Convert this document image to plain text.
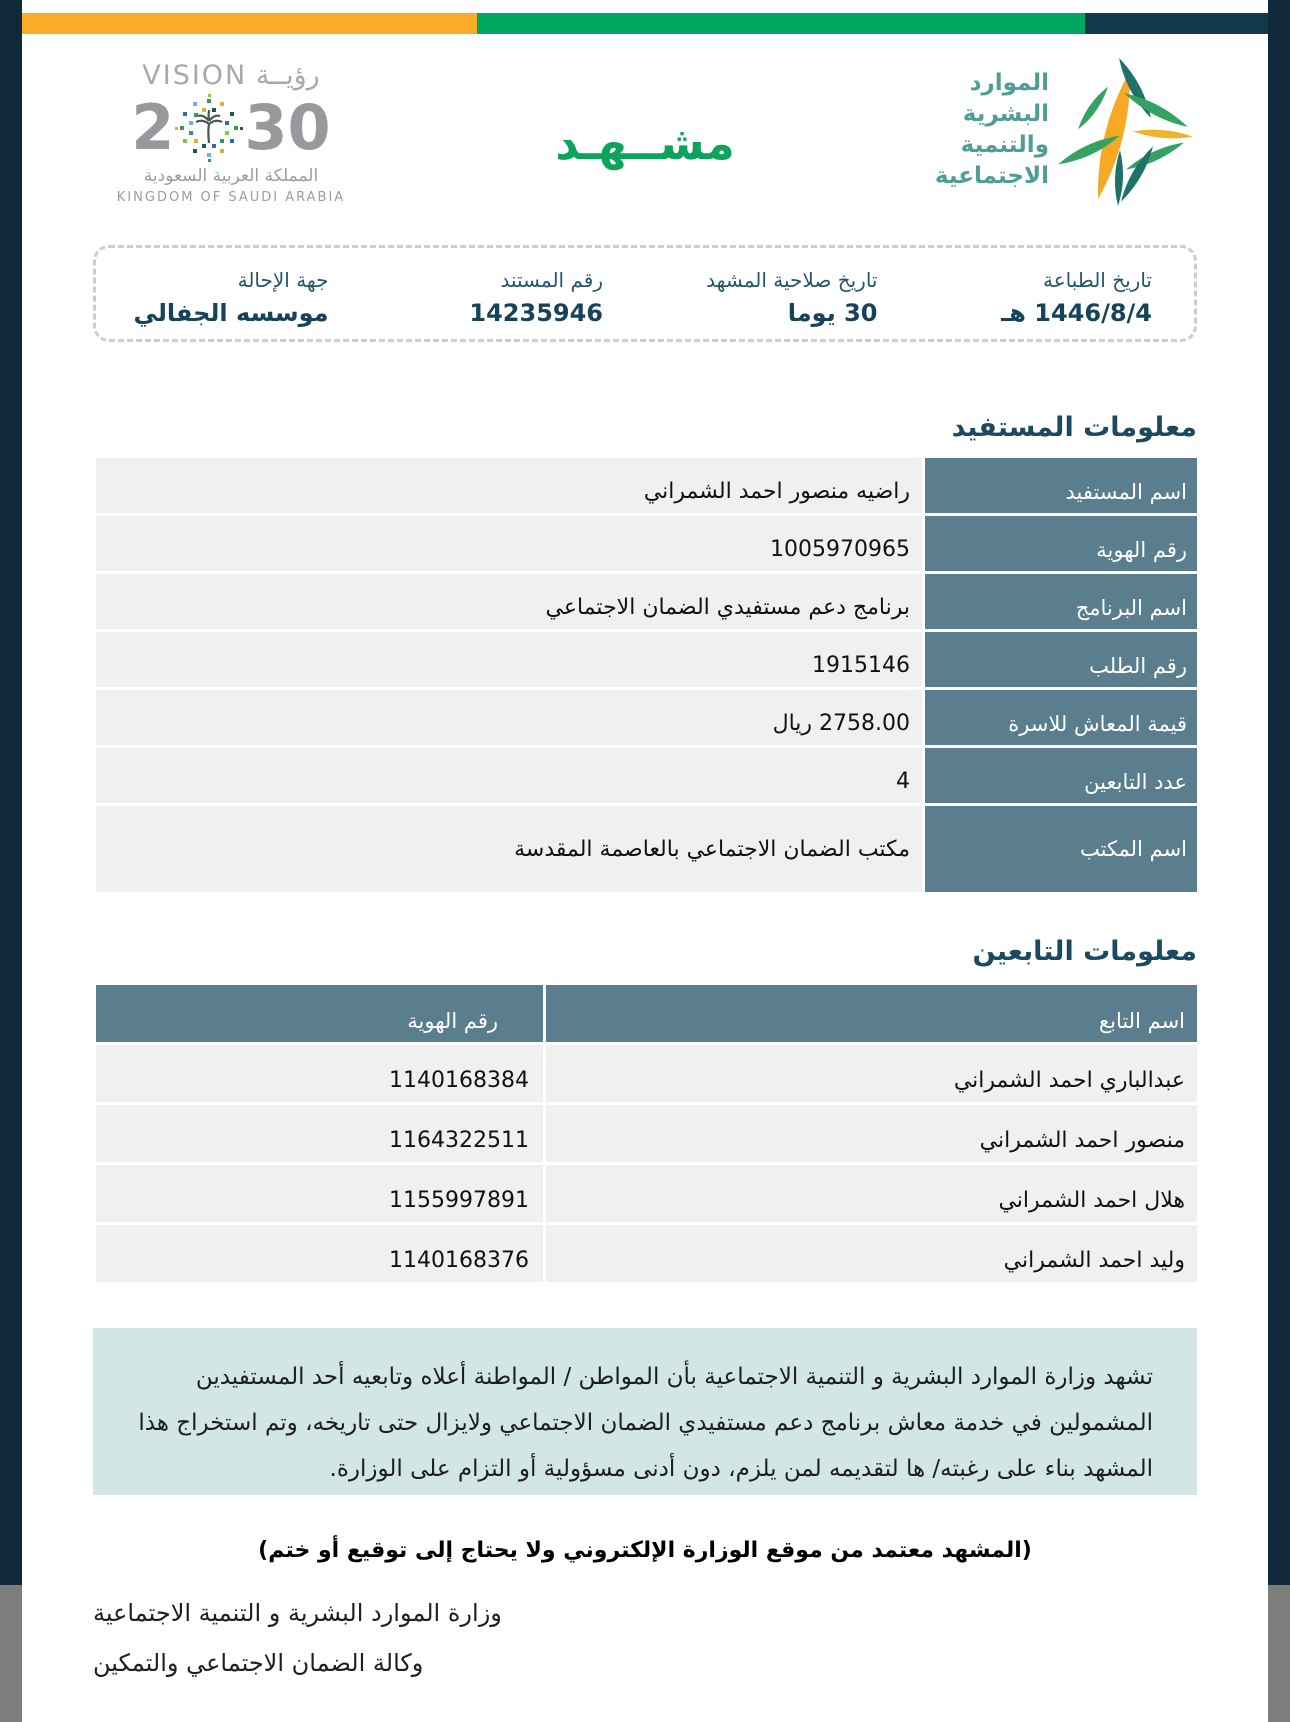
رؤيــة VISION
2 30
المملكة العربية السعودية
KINGDOM OF SAUDI ARABIA
مشــهـد
الموارد البشرية
والتنمية الاجتماعية
تاريخ الطباعة
1446/8/4 هـ
تاريخ صلاحية المشهد
30 يوما
رقم المستند
14235946
جهة الإحالة
موسسه الجفالي
معلومات المستفيد
اسم المستفيد
راضيه منصور احمد الشمراني
رقم الهوية
1005970965
اسم البرنامج
برنامج دعم مستفيدي الضمان الاجتماعي
رقم الطلب
1915146
قيمة المعاش للاسرة
2758.00 ريال
عدد التابعين
4
اسم المكتب
مكتب الضمان الاجتماعي بالعاصمة المقدسة
معلومات التابعين
اسم التابع
رقم الهوية
عبدالباري احمد الشمراني
1140168384
منصور احمد الشمراني
1164322511
هلال احمد الشمراني
1155997891
وليد احمد الشمراني
1140168376
تشهد وزارة الموارد البشرية و التنمية الاجتماعية بأن المواطن / المواطنة أعلاه وتابعيه أحد المستفيدين المشمولين في خدمة معاش برنامج دعم مستفيدي الضمان الاجتماعي ولايزال حتى تاريخه، وتم استخراج هذا المشهد بناء على رغبته/ ها لتقديمه لمن يلزم، دون أدنى مسؤولية أو التزام على الوزارة.
(المشهد معتمد من موقع الوزارة الإلكتروني ولا يحتاج إلى توقيع أو ختم)
وزارة الموارد البشرية و التنمية الاجتماعية
وكالة الضمان الاجتماعي والتمكين
